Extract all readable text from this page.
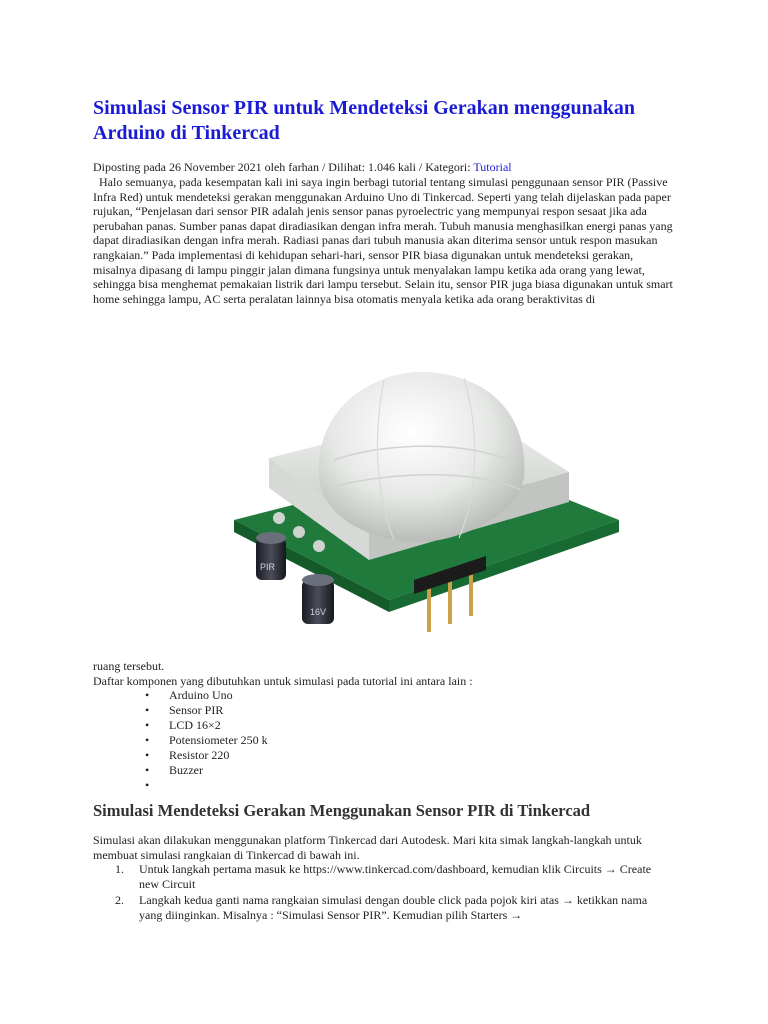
Simulasi Sensor PIR untuk Mendeteksi Gerakan menggunakan Arduino di Tinkercad
Diposting pada 26 November 2021 oleh farhan / Dilihat: 1.046 kali / Kategori: Tutorial

Halo semuanya, pada kesempatan kali ini saya ingin berbagi tutorial tentang simulasi penggunaan sensor PIR (Passive Infra Red) untuk mendeteksi gerakan menggunakan Arduino Uno di Tinkercad. Seperti yang telah dijelaskan pada paper rujukan, “Penjelasan dari sensor PIR adalah jenis sensor panas pyroelectric yang mempunyai respon sesaat jika ada perubahan panas. Sumber panas dapat diradiasikan dengan infra merah. Tubuh manusia menghasilkan energi panas yang dapat diradiasikan dengan infra merah. Radiasi panas dari tubuh manusia akan diterima sensor untuk respon masukan rangkaian.” Pada implementasi di kehidupan sehari-hari, sensor PIR biasa digunakan untuk mendeteksi gerakan, misalnya dipasang di lampu pinggir jalan dimana fungsinya untuk menyalakan lampu ketika ada orang yang lewat, sehingga bisa menghemat pemakaian listrik dari lampu tersebut. Selain itu, sensor PIR juga biasa digunakan untuk smart home sehingga lampu, AC serta peralatan lainnya bisa otomatis menyala ketika ada orang beraktivitas di

PIR
16V

ruang tersebut.

Daftar komponen yang dibutuhkan untuk simulasi pada tutorial ini antara lain :

• Arduino Uno
• Sensor PIR
• LCD 16×2
• Potensiometer 250 k
• Resistor 220
• Buzzer
•
Simulasi Mendeteksi Gerakan Menggunakan Sensor PIR di Tinkercad

Simulasi akan dilakukan menggunakan platform Tinkercad dari Autodesk. Mari kita simak langkah-langkah untuk membuat simulasi rangkaian di Tinkercad di bawah ini.

1. Untuk langkah pertama masuk ke https://www.tinkercad.com/dashboard, kemudian klik Circuits → Create new Circuit
2. Langkah kedua ganti nama rangkaian simulasi dengan double click pada pojok kiri atas → ketikkan nama yang diinginkan. Misalnya : “Simulasi Sensor PIR”. Kemudian pilih Starters →
